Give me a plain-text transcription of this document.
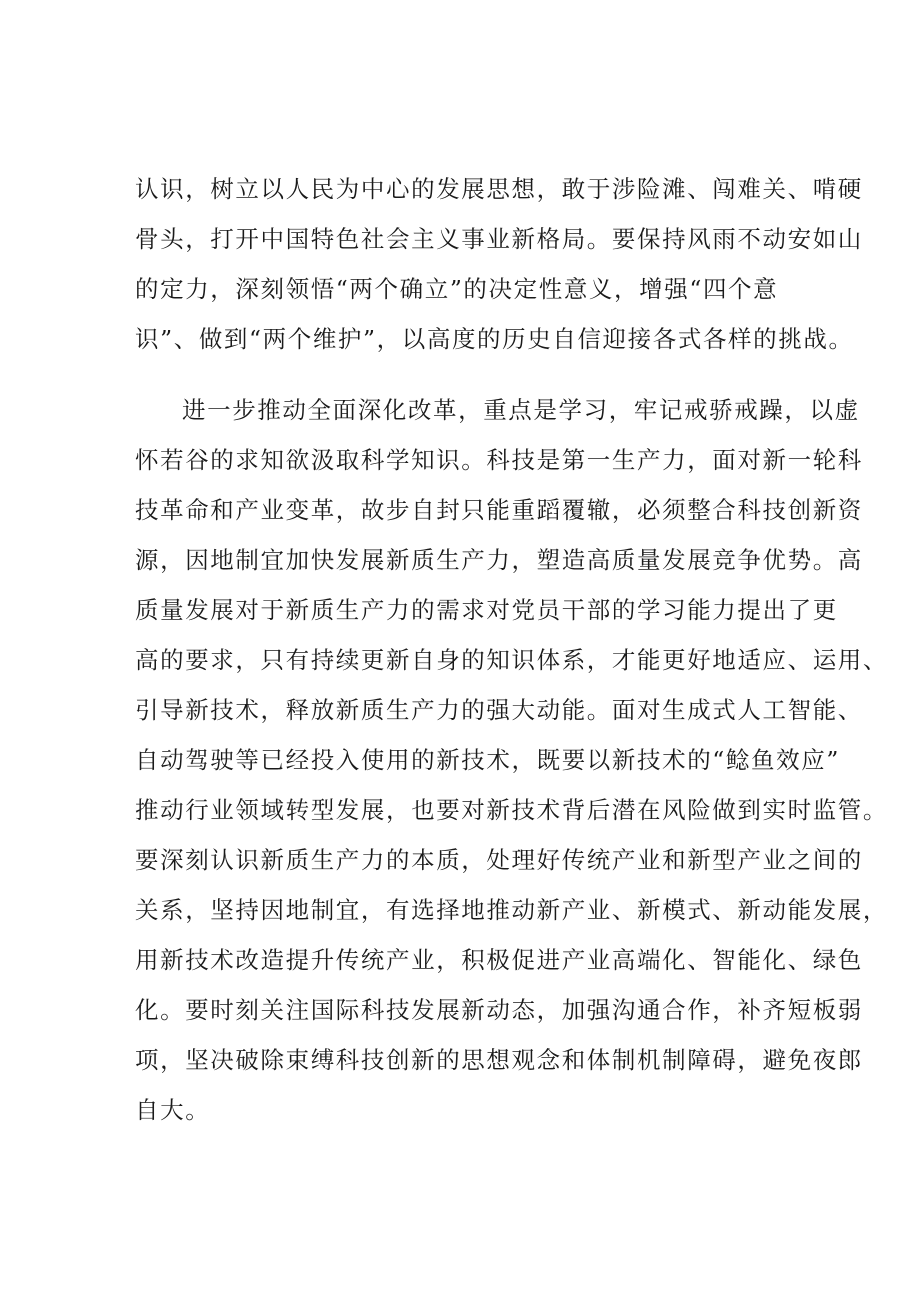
认识，树立以人民为中心的发展思想，敢于涉险滩、闯难关、啃硬
骨头，打开中国特色社会主义事业新格局。要保持风雨不动安如山
的定力，深刻领悟“两个确立”的决定性意义，增强“四个意
识”、做到“两个维护”，以高度的历史自信迎接各式各样的挑战。
进一步推动全面深化改革，重点是学习，牢记戒骄戒躁，以虚
怀若谷的求知欲汲取科学知识。科技是第一生产力，面对新一轮科
技革命和产业变革，故步自封只能重蹈覆辙，必须整合科技创新资
源，因地制宜加快发展新质生产力，塑造高质量发展竞争优势。高
质量发展对于新质生产力的需求对党员干部的学习能力提出了更
高的要求，只有持续更新自身的知识体系，才能更好地适应、运用、
引导新技术，释放新质生产力的强大动能。面对生成式人工智能、
自动驾驶等已经投入使用的新技术，既要以新技术的“鲶鱼效应”
推动行业领域转型发展，也要对新技术背后潜在风险做到实时监管。
要深刻认识新质生产力的本质，处理好传统产业和新型产业之间的
关系，坚持因地制宜，有选择地推动新产业、新模式、新动能发展，
用新技术改造提升传统产业，积极促进产业高端化、智能化、绿色
化。要时刻关注国际科技发展新动态，加强沟通合作，补齐短板弱
项，坚决破除束缚科技创新的思想观念和体制机制障碍，避免夜郎
自大。
